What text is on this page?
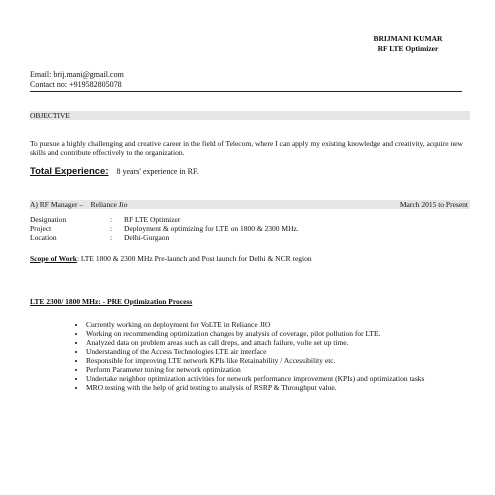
BRIJMANI KUMAR
RF LTE Optimizer
Email: brij.mani@gmail.com
Contact no: +919582805078
OBJECTIVE
To pursue a highly challenging and creative career in the field of Telecom, where I can apply my existing knowledge and creativity, acquire new skills and contribute effectively to the organization.
Total Experience: 8 years' experience in RF.
A) RF Manager – Reliance Jio	March 2015 to Present
Designation	:	RF LTE Optimizer
Project	:	Deployment & optimizing for LTE on 1800 & 2300 MHz.
Location	:	Delhi-Gurgaon
Scope of Work: LTE 1800 & 2300 MHz Pre-launch and Post launch for Delhi & NCR region
LTE 2300/ 1800 MHz: - PRE Optimization Process
• Currently working on deployment for VoLTE in Reliance JIO
• Working on recommending optimization changes by analysis of coverage, pilot pollution for LTE.
• Analyzed data on problem areas such as call dreps, and attach failure, volte set up time.
• Understanding of the Access Technologies LTE air interface
• Responsible for improving LTE network KPIs like Retainability / Accessibility etc.
• Perform Parameter tuning for network optimization
• Undertake neighbor optimization activities for network performance improvement (KPIs) and optimization tasks
• MRO testing with the help of grid testing to analysis of RSRP & Throughput value.
